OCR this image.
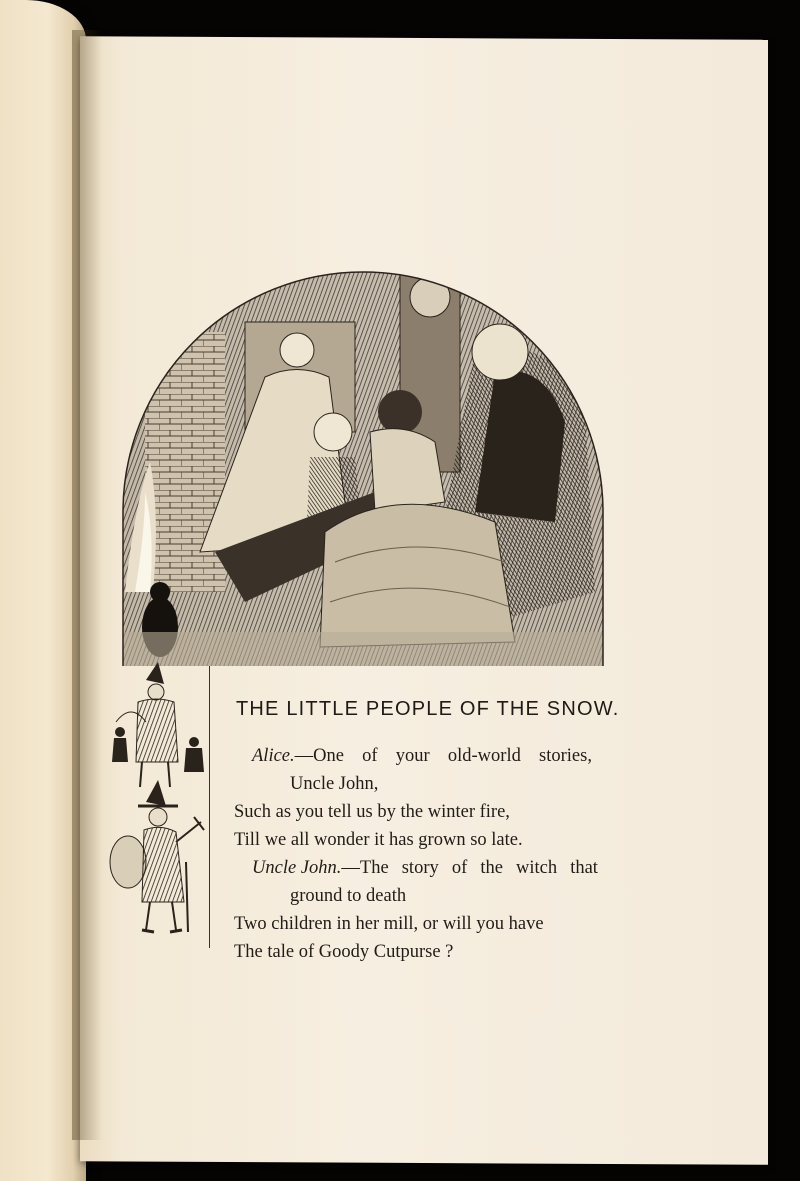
THE LITTLE PEOPLE OF THE SNOW.
Alice.—One of your old-world stories,
Uncle John,
Such as you tell us by the winter fire,
Till we all wonder it has grown so late.
Uncle John.—The story of the witch that
ground to death
Two children in her mill, or will you have
The tale of Goody Cutpurse ?
